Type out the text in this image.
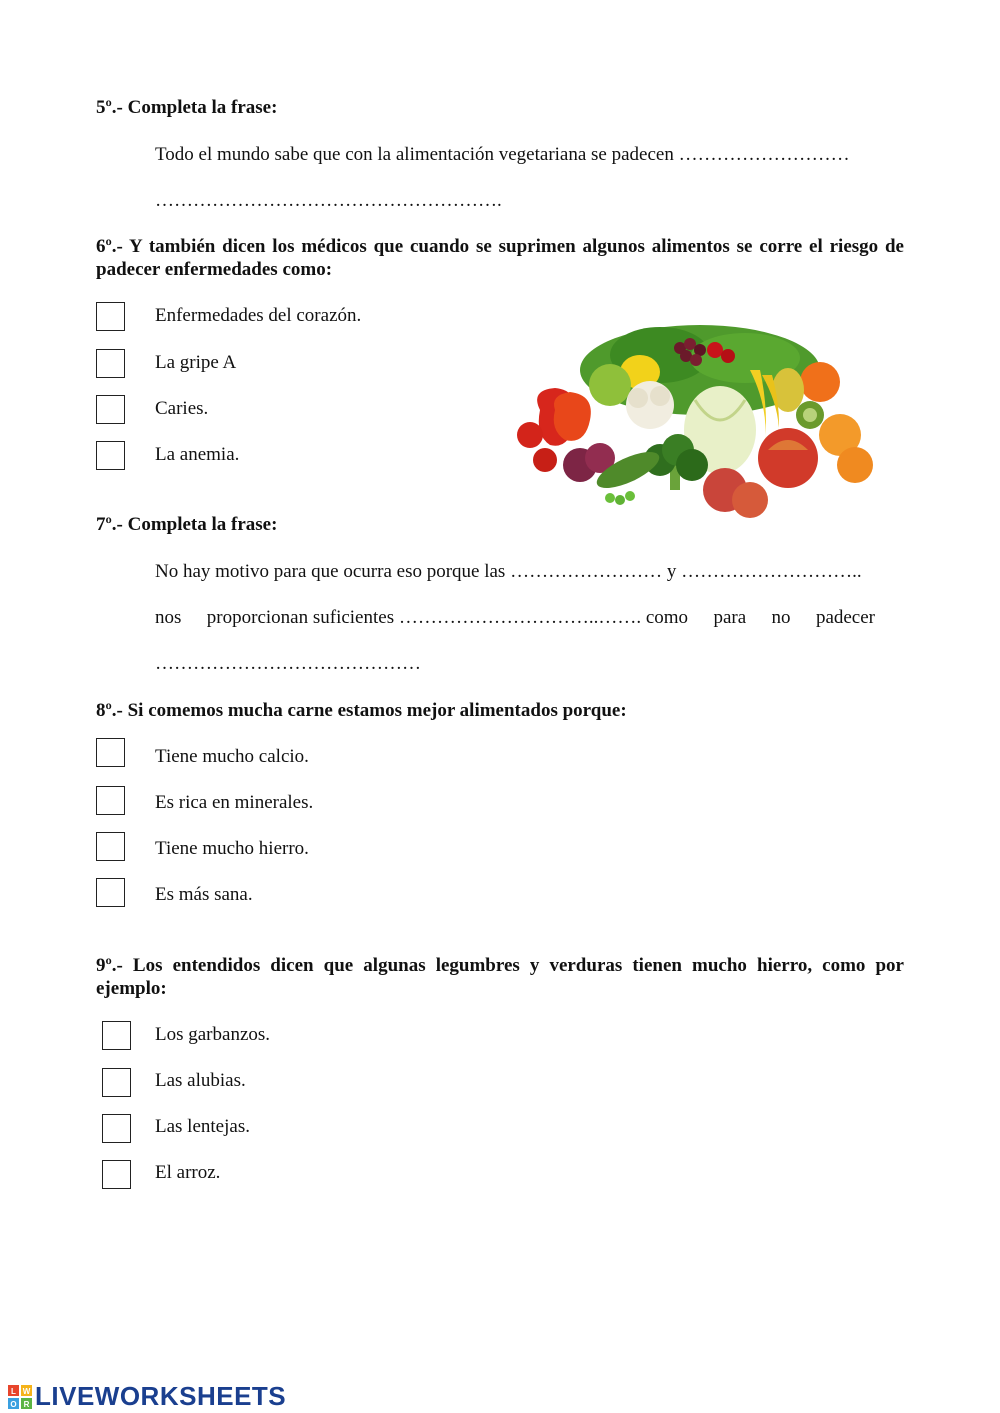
5º.- Completa la frase:
Todo el mundo sabe que con la alimentación vegetariana se padecen ………………………
……………………………………………….
6º.- Y también dicen los médicos que cuando se suprimen algunos alimentos se corre el riesgo de padecer enfermedades como:
Enfermedades del corazón.
La gripe A
Caries.
La anemia.
7º.- Completa la frase:
No hay motivo para que ocurra eso porque las …………………… y ………………………..
nos proporcionan suficientes …………………………..……. como para no padecer
……………………………………
8º.- Si comemos mucha carne estamos mejor alimentados porque:
Tiene mucho calcio.
Es rica en minerales.
Tiene mucho hierro.
Es más sana.
9º.- Los entendidos dicen que algunas legumbres y verduras tienen mucho hierro, como por ejemplo:
Los garbanzos.
Las alubias.
Las lentejas.
El arroz.
L W
O R LIVEWORKSHEETS
